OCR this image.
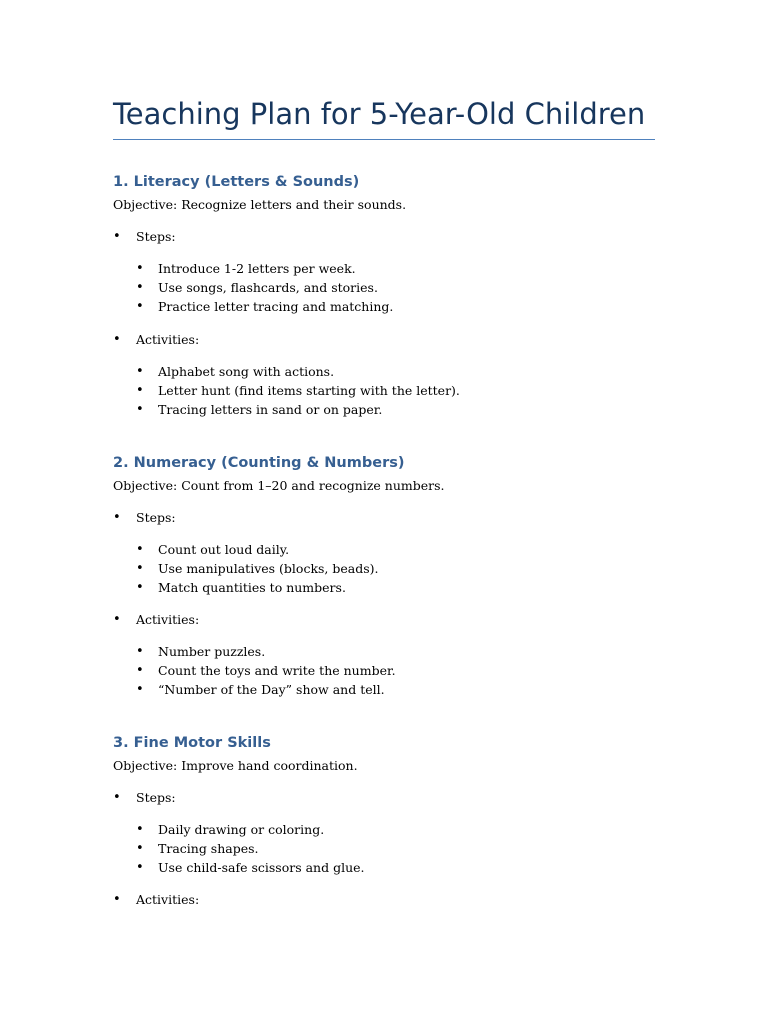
Teaching Plan for 5-Year-Old Children
1. Literacy (Letters & Sounds)
Objective: Recognize letters and their sounds.
• Steps:
• Introduce 1-2 letters per week.
• Use songs, flashcards, and stories.
• Practice letter tracing and matching.
• Activities:
• Alphabet song with actions.
• Letter hunt (find items starting with the letter).
• Tracing letters in sand or on paper.
2. Numeracy (Counting & Numbers)
Objective: Count from 1–20 and recognize numbers.
• Steps:
• Count out loud daily.
• Use manipulatives (blocks, beads).
• Match quantities to numbers.
• Activities:
• Number puzzles.
• Count the toys and write the number.
• “Number of the Day” show and tell.
3. Fine Motor Skills
Objective: Improve hand coordination.
• Steps:
• Daily drawing or coloring.
• Tracing shapes.
• Use child-safe scissors and glue.
• Activities:
